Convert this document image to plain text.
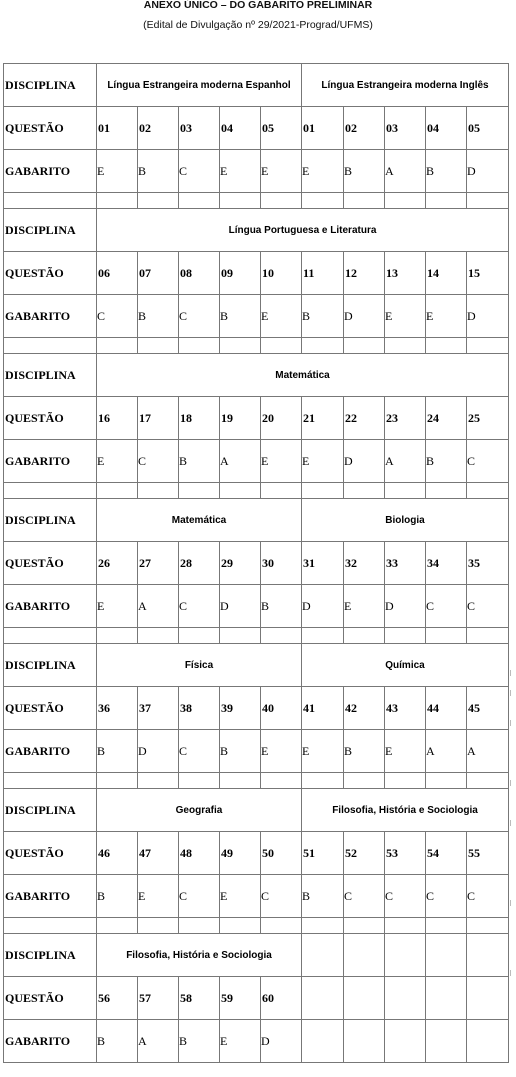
ANEXO ÚNICO – DO GABARITO PRELIMINAR
(Edital de Divulgação nº 29/2021-Prograd/UFMS)
DISCIPLINA	Língua Estrangeira moderna Espanhol					Língua Estrangeira moderna Inglês				
QUESTÃO	01	02	03	04	05	01	02	03	04	05
GABARITO	E	B	C	E	E	E	B	A	B	D

DISCIPLINA	Língua Portuguesa e Literatura									
QUESTÃO	06	07	08	09	10	11	12	13	14	15
GABARITO	C	B	C	B	E	B	D	E	E	D

DISCIPLINA	Matemática									
QUESTÃO	16	17	18	19	20	21	22	23	24	25
GABARITO	E	C	B	A	E	E	D	A	B	C

DISCIPLINA	Matemática					Biologia				
QUESTÃO	26	27	28	29	30	31	32	33	34	35
GABARITO	E	A	C	D	B	D	E	D	C	C

DISCIPLINA	Física					Química				
QUESTÃO	36	37	38	39	40	41	42	43	44	45
GABARITO	B	D	C	B	E	E	B	E	A	A

DISCIPLINA	Geografia					Filosofia, História e Sociologia				
QUESTÃO	46	47	48	49	50	51	52	53	54	55
GABARITO	B	E	C	E	C	B	C	C	C	C

DISCIPLINA	Filosofia, História e Sociologia									
QUESTÃO	56	57	58	59	60					
GABARITO	B	A	B	E	D					
